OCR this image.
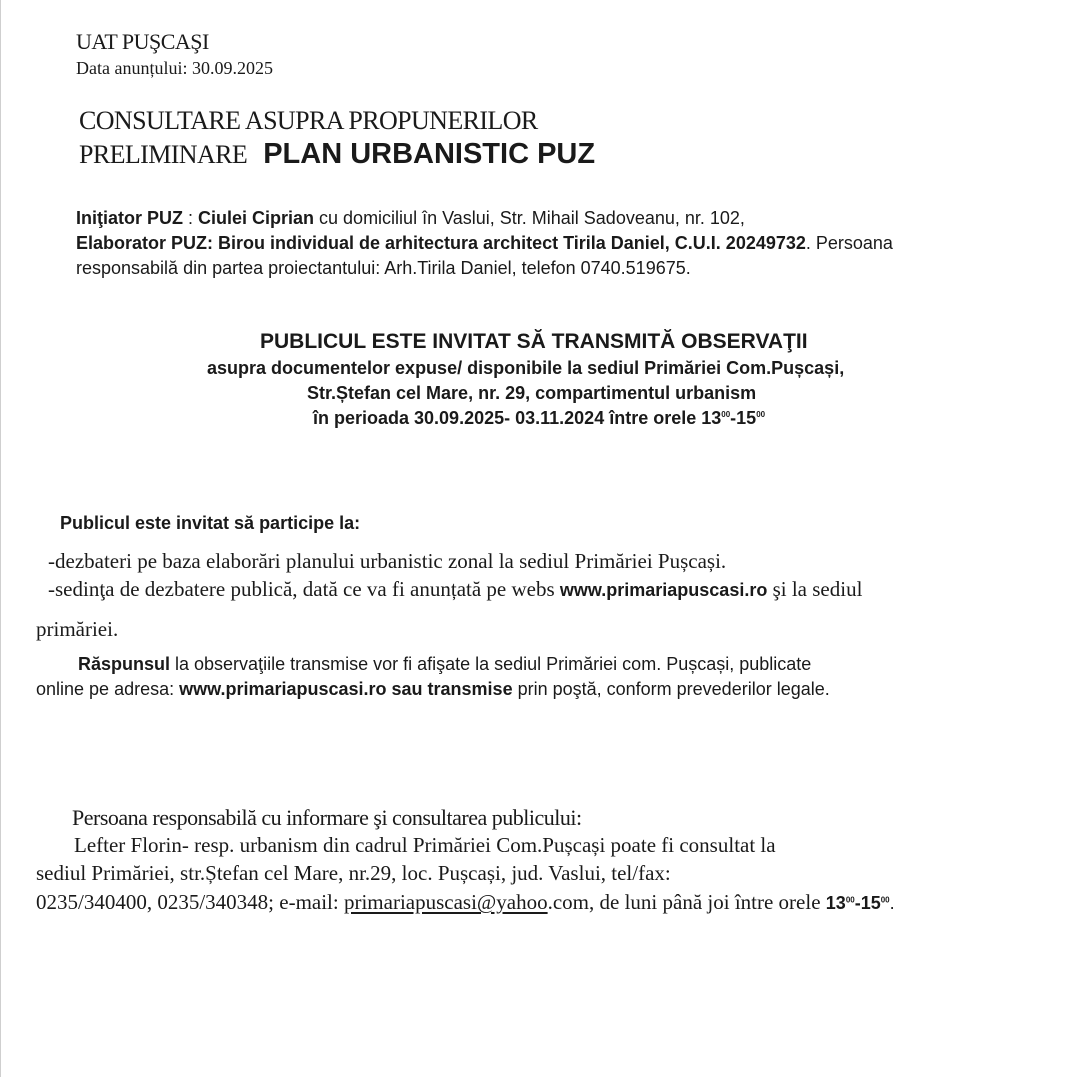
UAT PUŞCAŞI
Data anunțului: 30.09.2025
CONSULTARE ASUPRA PROPUNERILOR
PRELIMINARE PLAN URBANISTIC PUZ
Iniţiator PUZ : Ciulei Ciprian cu domiciliul în Vaslui, Str. Mihail Sadoveanu, nr. 102,
Elaborator PUZ: Birou individual de arhitectura architect Tirila Daniel, C.U.I. 20249732. Persoana
responsabilă din partea proiectantului: Arh.Tirila Daniel, telefon 0740.519675.
PUBLICUL ESTE INVITAT SĂ TRANSMITĂ OBSERVAŢII
asupra documentelor expuse/ disponibile la sediul Primăriei Com.Pușcași,
Str.Ștefan cel Mare, nr. 29, compartimentul urbanism
în perioada 30.09.2025- 03.11.2024 între orele $13^{00}-15^{00}$
Publicul este invitat să participe la:
-dezbateri pe baza elaborări planului urbanistic zonal la sediul Primăriei Pușcași.
-sedinţa de dezbatere publică, dată ce va fi anunțată pe webs www.primariapuscasi.ro şi la sediul
primăriei.
Răspunsul la observaţiile transmise vor fi afişate la sediul Primăriei com. Pușcași, publicate
online pe adresa: www.primariapuscasi.ro sau transmise prin poştă, conform prevederilor legale.
Persoana responsabilă cu informare şi consultarea publicului:
Lefter Florin- resp. urbanism din cadrul Primăriei Com.Pușcași poate fi consultat la
sediul Primăriei, str.Ștefan cel Mare, nr.29, loc. Pușcași, jud. Vaslui, tel/fax:
0235/340400, 0235/340348; e-mail: primariapuscasi@yahoo.com, de luni până joi între orele $13^{00}-15^{00}$.
